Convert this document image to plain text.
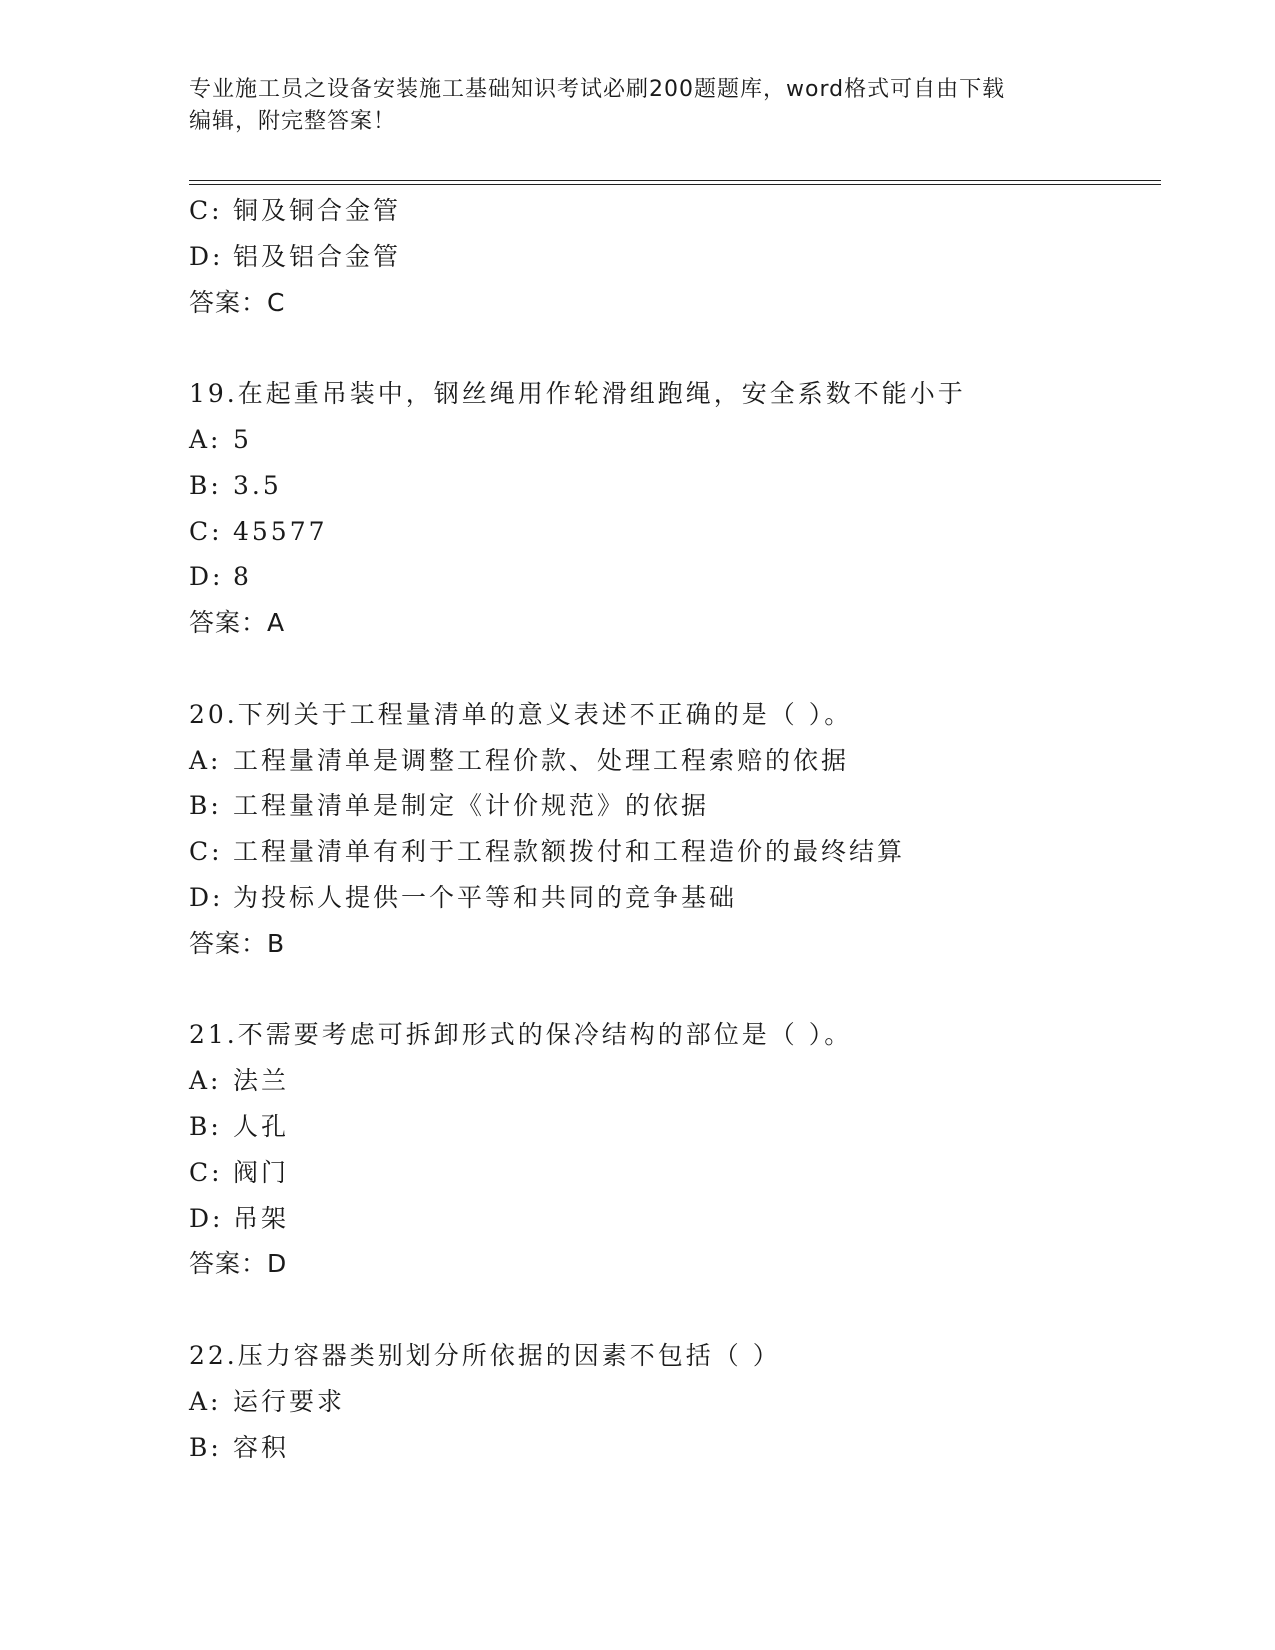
专业施工员之设备安装施工基础知识考试必刷200题题库，word格式可自由下载
编辑，附完整答案！
C: 铜及铜合金管
D: 铝及铝合金管
答案：C
19.在起重吊装中，钢丝绳用作轮滑组跑绳，安全系数不能小于
A: 5
B: 3.5
C: 45577
D: 8
答案：A
20.下列关于工程量清单的意义表述不正确的是（ ）。
A: 工程量清单是调整工程价款、处理工程索赔的依据
B: 工程量清单是制定《计价规范》的依据
C: 工程量清单有利于工程款额拨付和工程造价的最终结算
D: 为投标人提供一个平等和共同的竞争基础
答案：B
21.不需要考虑可拆卸形式的保冷结构的部位是（ ）。
A: 法兰
B: 人孔
C: 阀门
D: 吊架
答案：D
22.压力容器类别划分所依据的因素不包括（ ）
A: 运行要求
B: 容积
